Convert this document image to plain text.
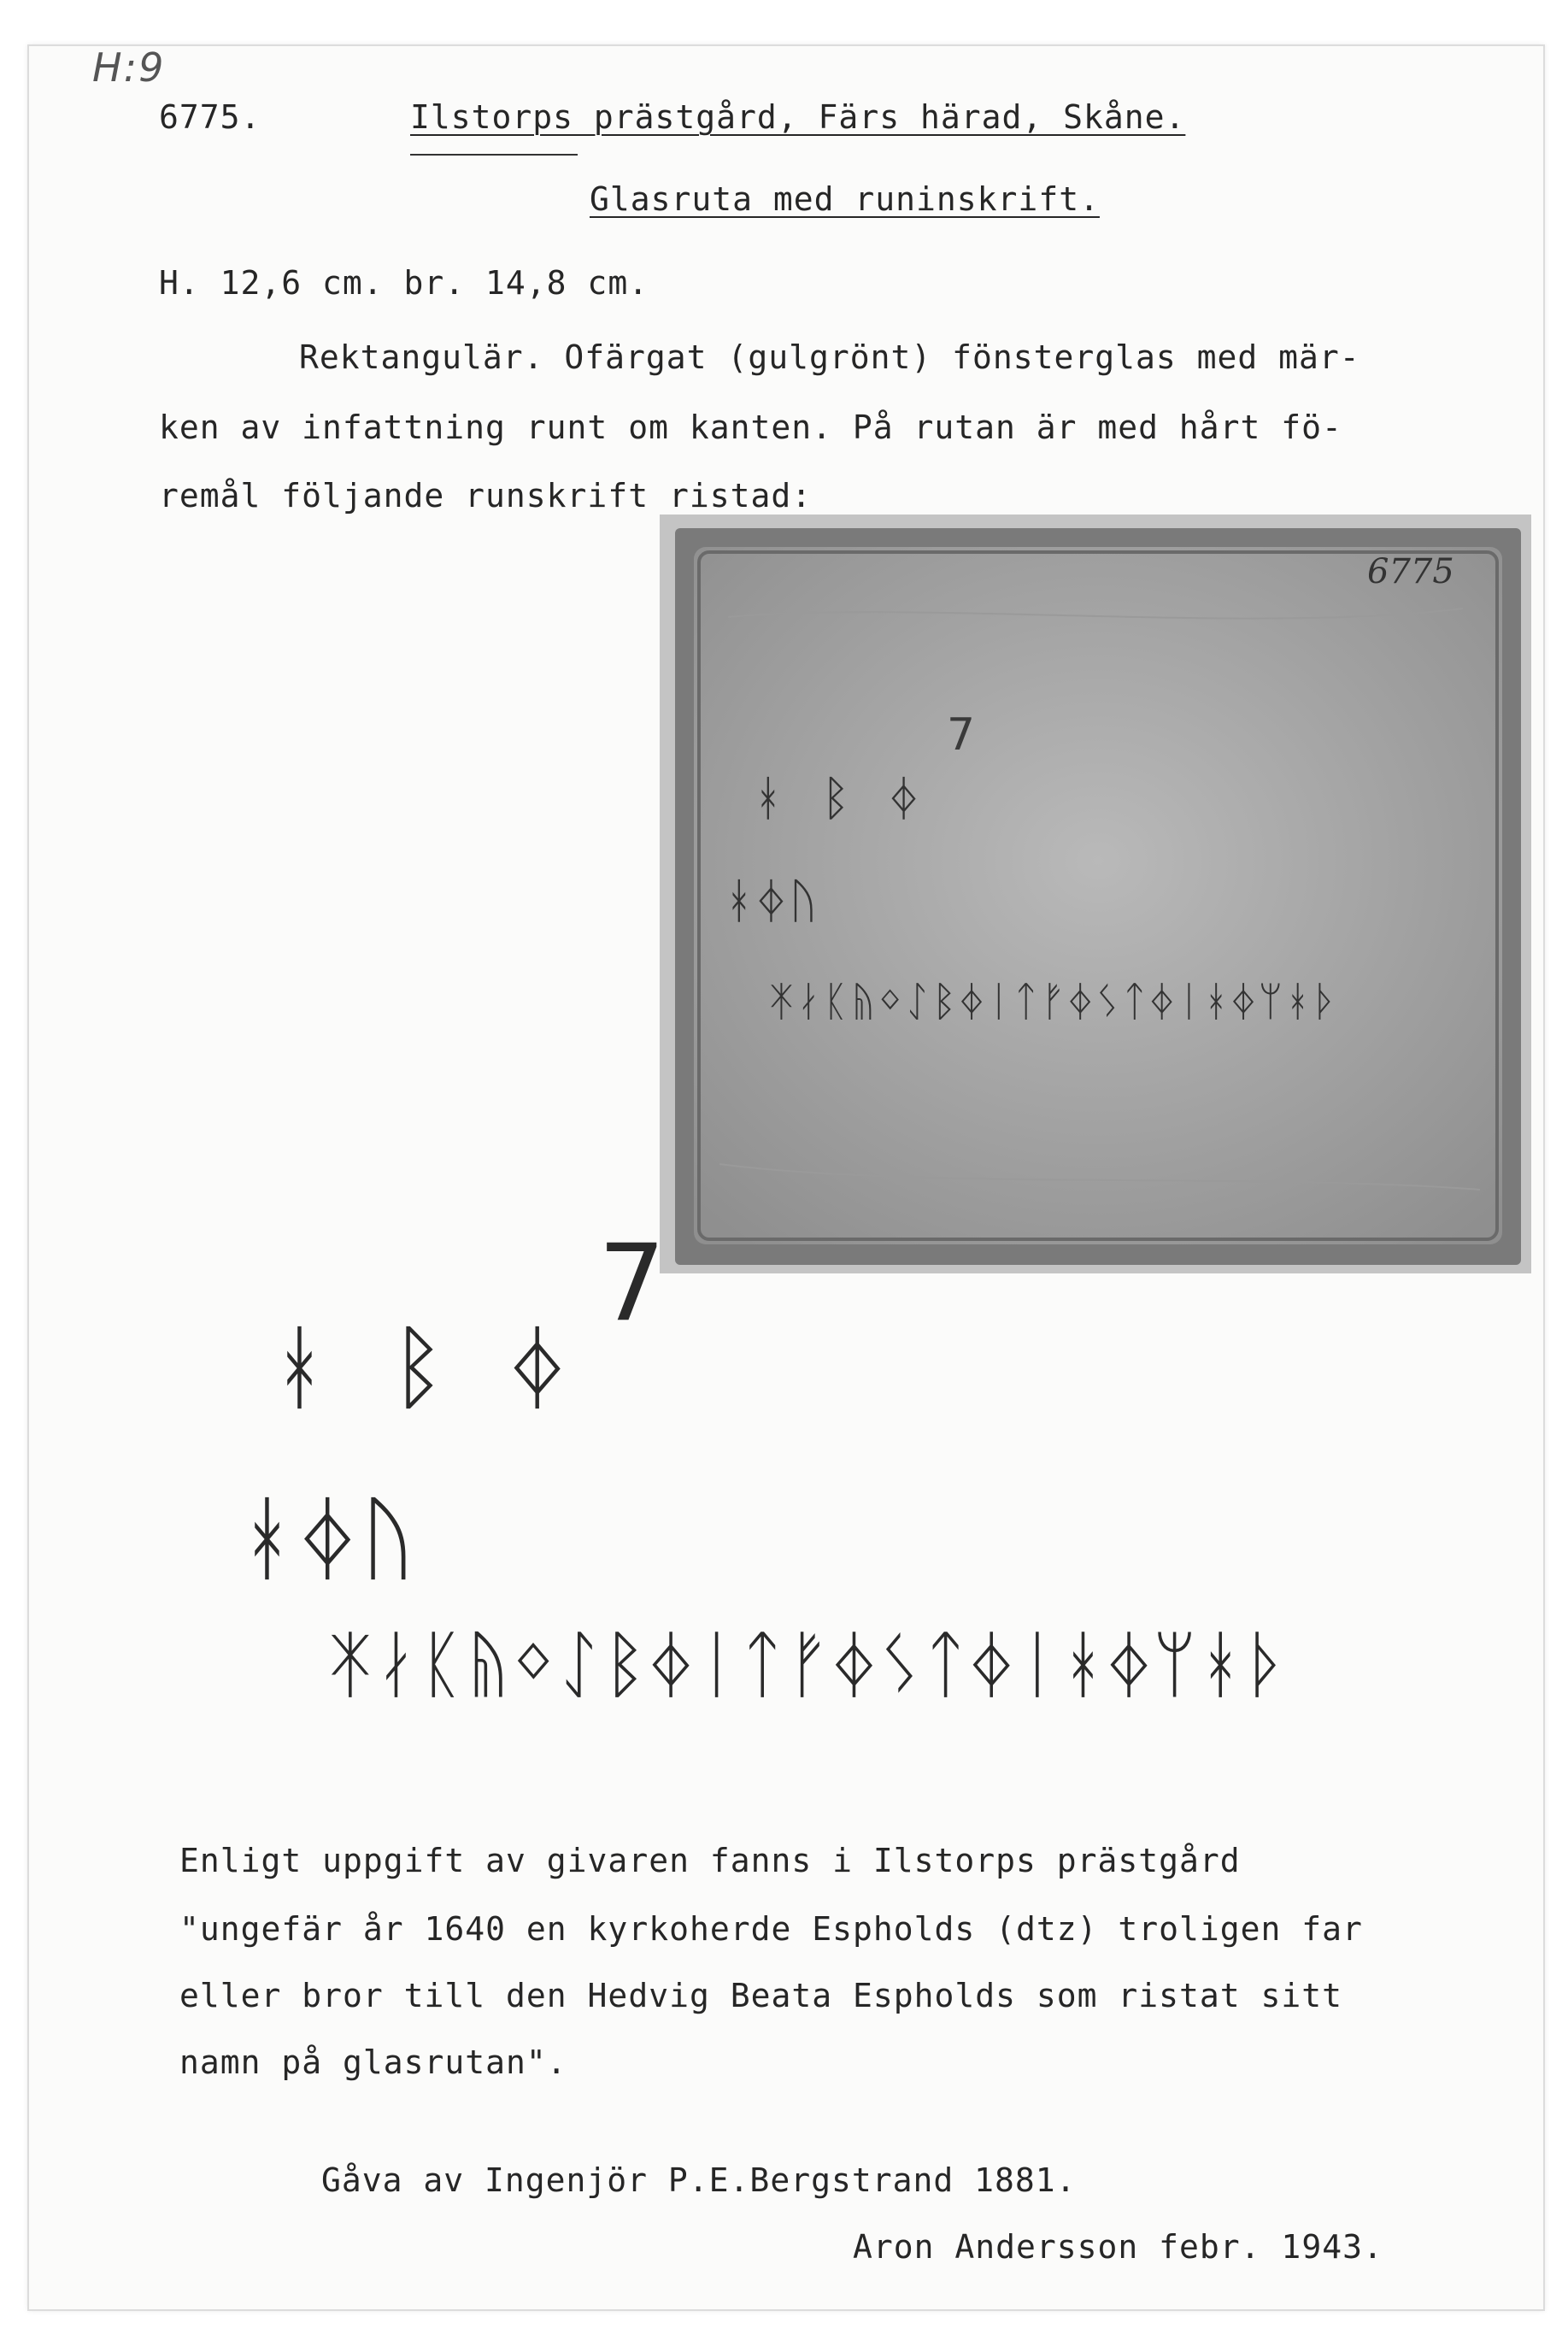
H:9
6775.	Ilstorps prästgård, Färs härad, Skåne.
Glasruta med runinskrift.
H. 12,6 cm. br. 14,8 cm.
Rektangulär. Ofärgat (gulgrönt) fönsterglas med mär-
ken av infattning runt om kanten. På rutan är med hårt fö-
remål följande runskrift ristad:
6775
7
ᚼ ᛒ ᛄ
ᚼᛄᚢ
ᛡᛅᛕᚥᛜᛇᛒᛄᛁᛏᚠᛄᛊᛏᛄᛁᚼᛄᛘᚼᚦ
7
ᚼ ᛒ ᛄ
ᚼᛄᚢ
ᛡᛅᛕᚥᛜᛇᛒᛄᛁᛏᚠᛄᛊᛏᛄᛁᚼᛄᛘᚼᚦ
Enligt uppgift av givaren fanns i Ilstorps prästgård
"ungefär år 1640 en kyrkoherde Espholds (dtz) troligen far
eller bror till den Hedvig Beata Espholds som ristat sitt
namn på glasrutan".
Gåva av Ingenjör P.E.Bergstrand 1881.
Aron Andersson febr. 1943.
